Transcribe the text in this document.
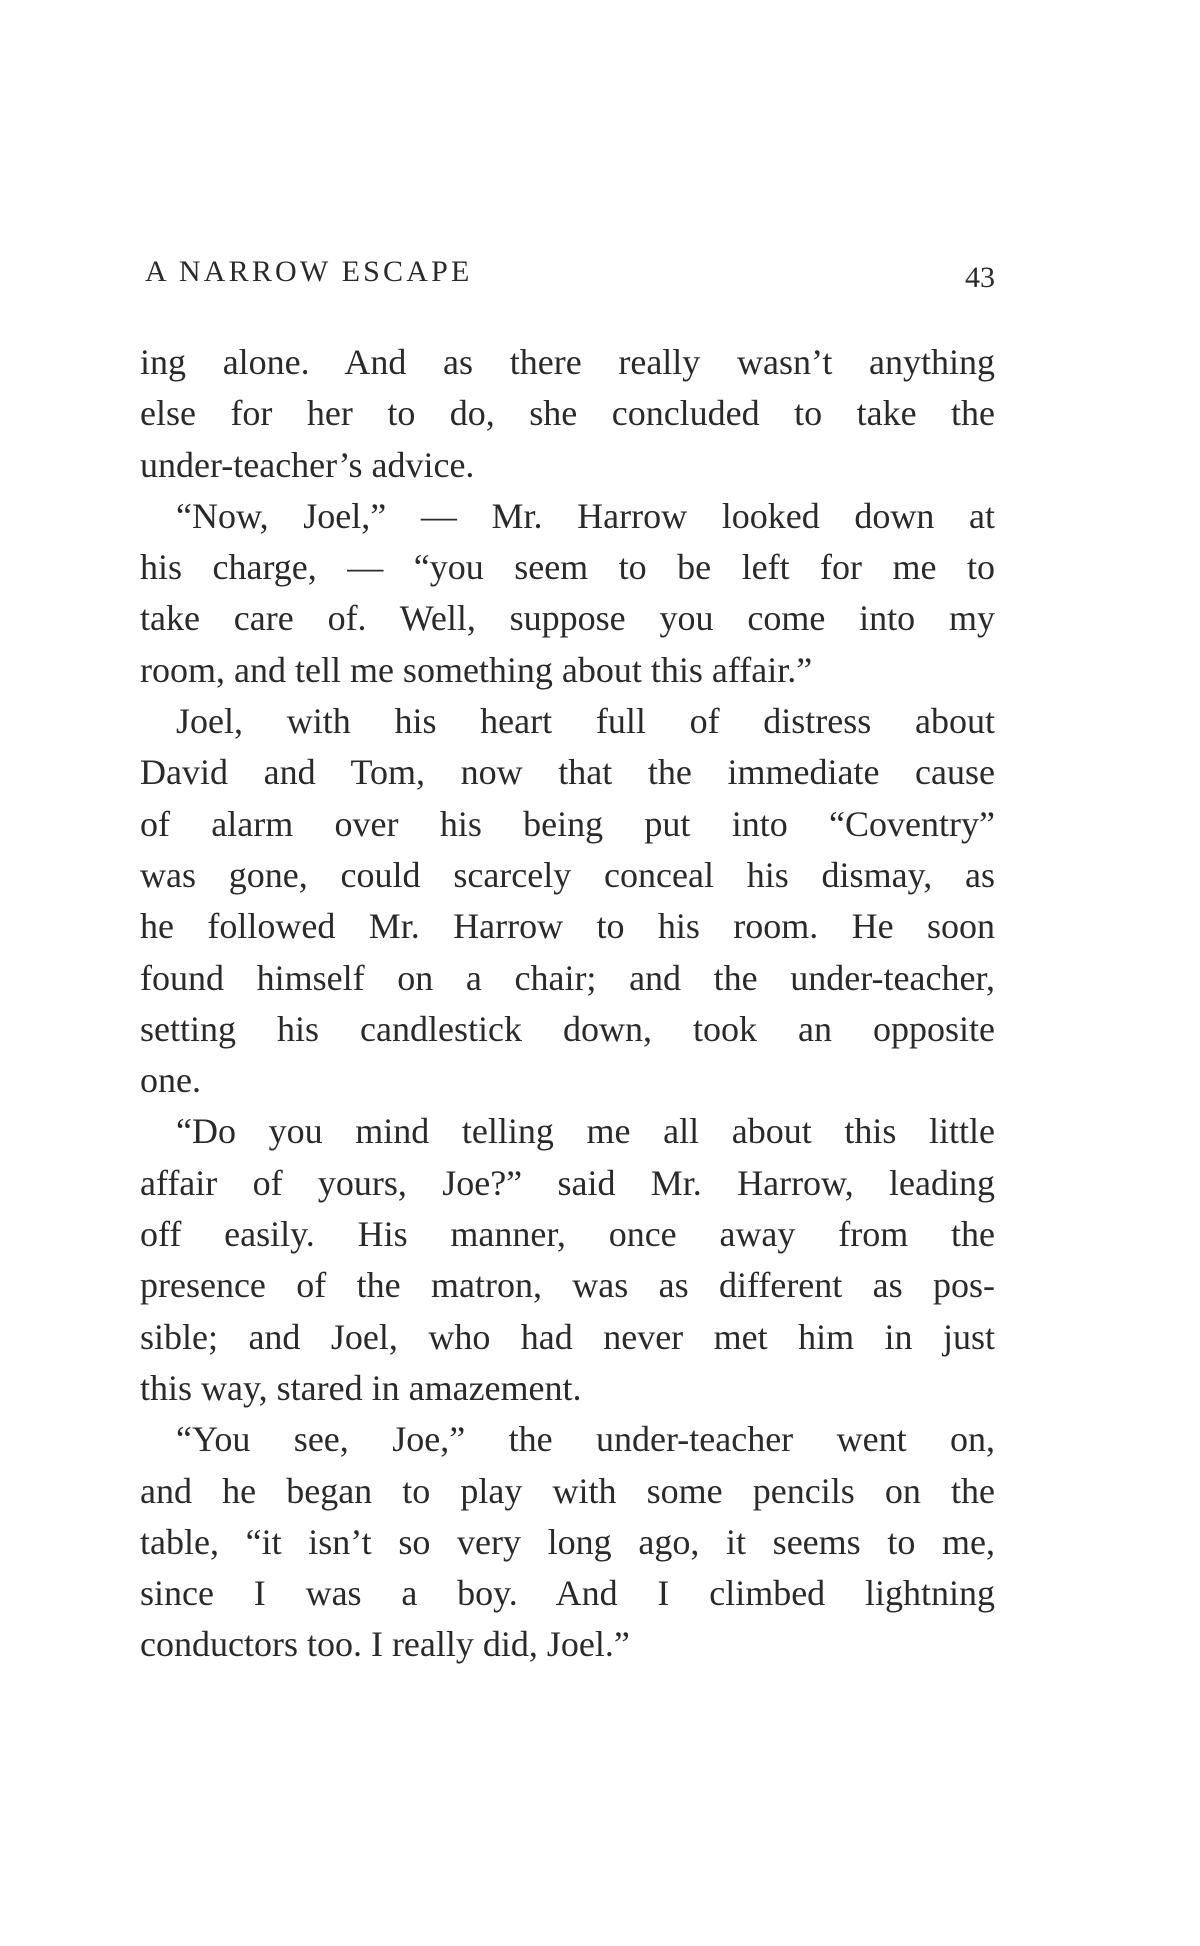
A NARROW ESCAPE	43
ing alone. And as there really wasn’t anything
else for her to do, she concluded to take the
under-teacher’s advice.
“Now, Joel,” — Mr. Harrow looked down at
his charge, — “you seem to be left for me to
take care of. Well, suppose you come into my
room, and tell me something about this affair.”
Joel, with his heart full of distress about
David and Tom, now that the immediate cause
of alarm over his being put into “Coventry”
was gone, could scarcely conceal his dismay, as
he followed Mr. Harrow to his room. He soon
found himself on a chair; and the under-teacher,
setting his candlestick down, took an opposite
one.
“Do you mind telling me all about this little
affair of yours, Joe?” said Mr. Harrow, leading
off easily. His manner, once away from the
presence of the matron, was as different as pos-
sible; and Joel, who had never met him in just
this way, stared in amazement.
“You see, Joe,” the under-teacher went on,
and he began to play with some pencils on the
table, “it isn’t so very long ago, it seems to me,
since I was a boy. And I climbed lightning
conductors too. I really did, Joel.”
